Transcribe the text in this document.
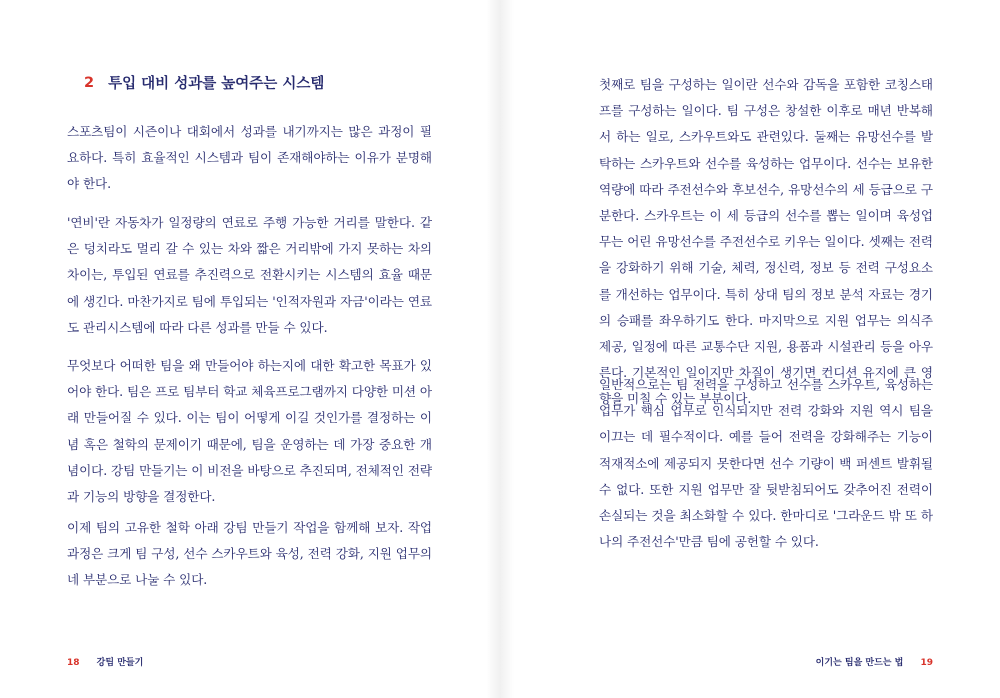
2 투입 대비 성과를 높여주는 시스템

스포츠팀이 시즌이나 대회에서 성과를 내기까지는 많은 과정이 필요하다. 특히 효율적인 시스템과 팀이 존재해야하는 이유가 분명해야 한다.

'연비'란 자동차가 일정량의 연료로 주행 가능한 거리를 말한다. 같은 덩치라도 멀리 갈 수 있는 차와 짧은 거리밖에 가지 못하는 차의 차이는, 투입된 연료를 추진력으로 전환시키는 시스템의 효율 때문에 생긴다. 마찬가지로 팀에 투입되는 '인적자원과 자금'이라는 연료도 관리시스템에 따라 다른 성과를 만들 수 있다.

무엇보다 어떠한 팀을 왜 만들어야 하는지에 대한 확고한 목표가 있어야 한다. 팀은 프로 팀부터 학교 체육프로그램까지 다양한 미션 아래 만들어질 수 있다. 이는 팀이 어떻게 이길 것인가를 결정하는 이념 혹은 철학의 문제이기 때문에, 팀을 운영하는 데 가장 중요한 개념이다. 강팀 만들기는 이 비전을 바탕으로 추진되며, 전체적인 전략과 기능의 방향을 결정한다.

이제 팀의 고유한 철학 아래 강팀 만들기 작업을 함께해 보자. 작업과정은 크게 팀 구성, 선수 스카우트와 육성, 전력 강화, 지원 업무의 네 부분으로 나눌 수 있다.

18 강팀 만들기	이기는 팀을 만드는 법 19

첫째로 팀을 구성하는 일이란 선수와 감독을 포함한 코칭스태프를 구성하는 일이다. 팀 구성은 창설한 이후로 매년 반복해서 하는 일로, 스카우트와도 관련있다. 둘째는 유망선수를 발탁하는 스카우트와 선수를 육성하는 업무이다. 선수는 보유한 역량에 따라 주전선수와 후보선수, 유망선수의 세 등급으로 구분한다. 스카우트는 이 세 등급의 선수를 뽑는 일이며 육성업무는 어린 유망선수를 주전선수로 키우는 일이다. 셋째는 전력을 강화하기 위해 기술, 체력, 정신력, 정보 등 전력 구성요소를 개선하는 업무이다. 특히 상대 팀의 정보 분석 자료는 경기의 승패를 좌우하기도 한다. 마지막으로 지원 업무는 의식주 제공, 일정에 따른 교통수단 지원, 용품과 시설관리 등을 아우른다. 기본적인 일이지만 차질이 생기면 컨디션 유지에 큰 영향을 미칠 수 있는 부분이다.

일반적으로는 팀 전력을 구성하고 선수를 스카우트, 육성하는 업무가 핵심 업무로 인식되지만 전력 강화와 지원 역시 팀을 이끄는 데 필수적이다. 예를 들어 전력을 강화해주는 기능이 적재적소에 제공되지 못한다면 선수 기량이 백 퍼센트 발휘될 수 없다. 또한 지원 업무만 잘 뒷받침되어도 갖추어진 전력이 손실되는 것을 최소화할 수 있다. 한마디로 '그라운드 밖 또 하나의 주전선수'만큼 팀에 공헌할 수 있다.
